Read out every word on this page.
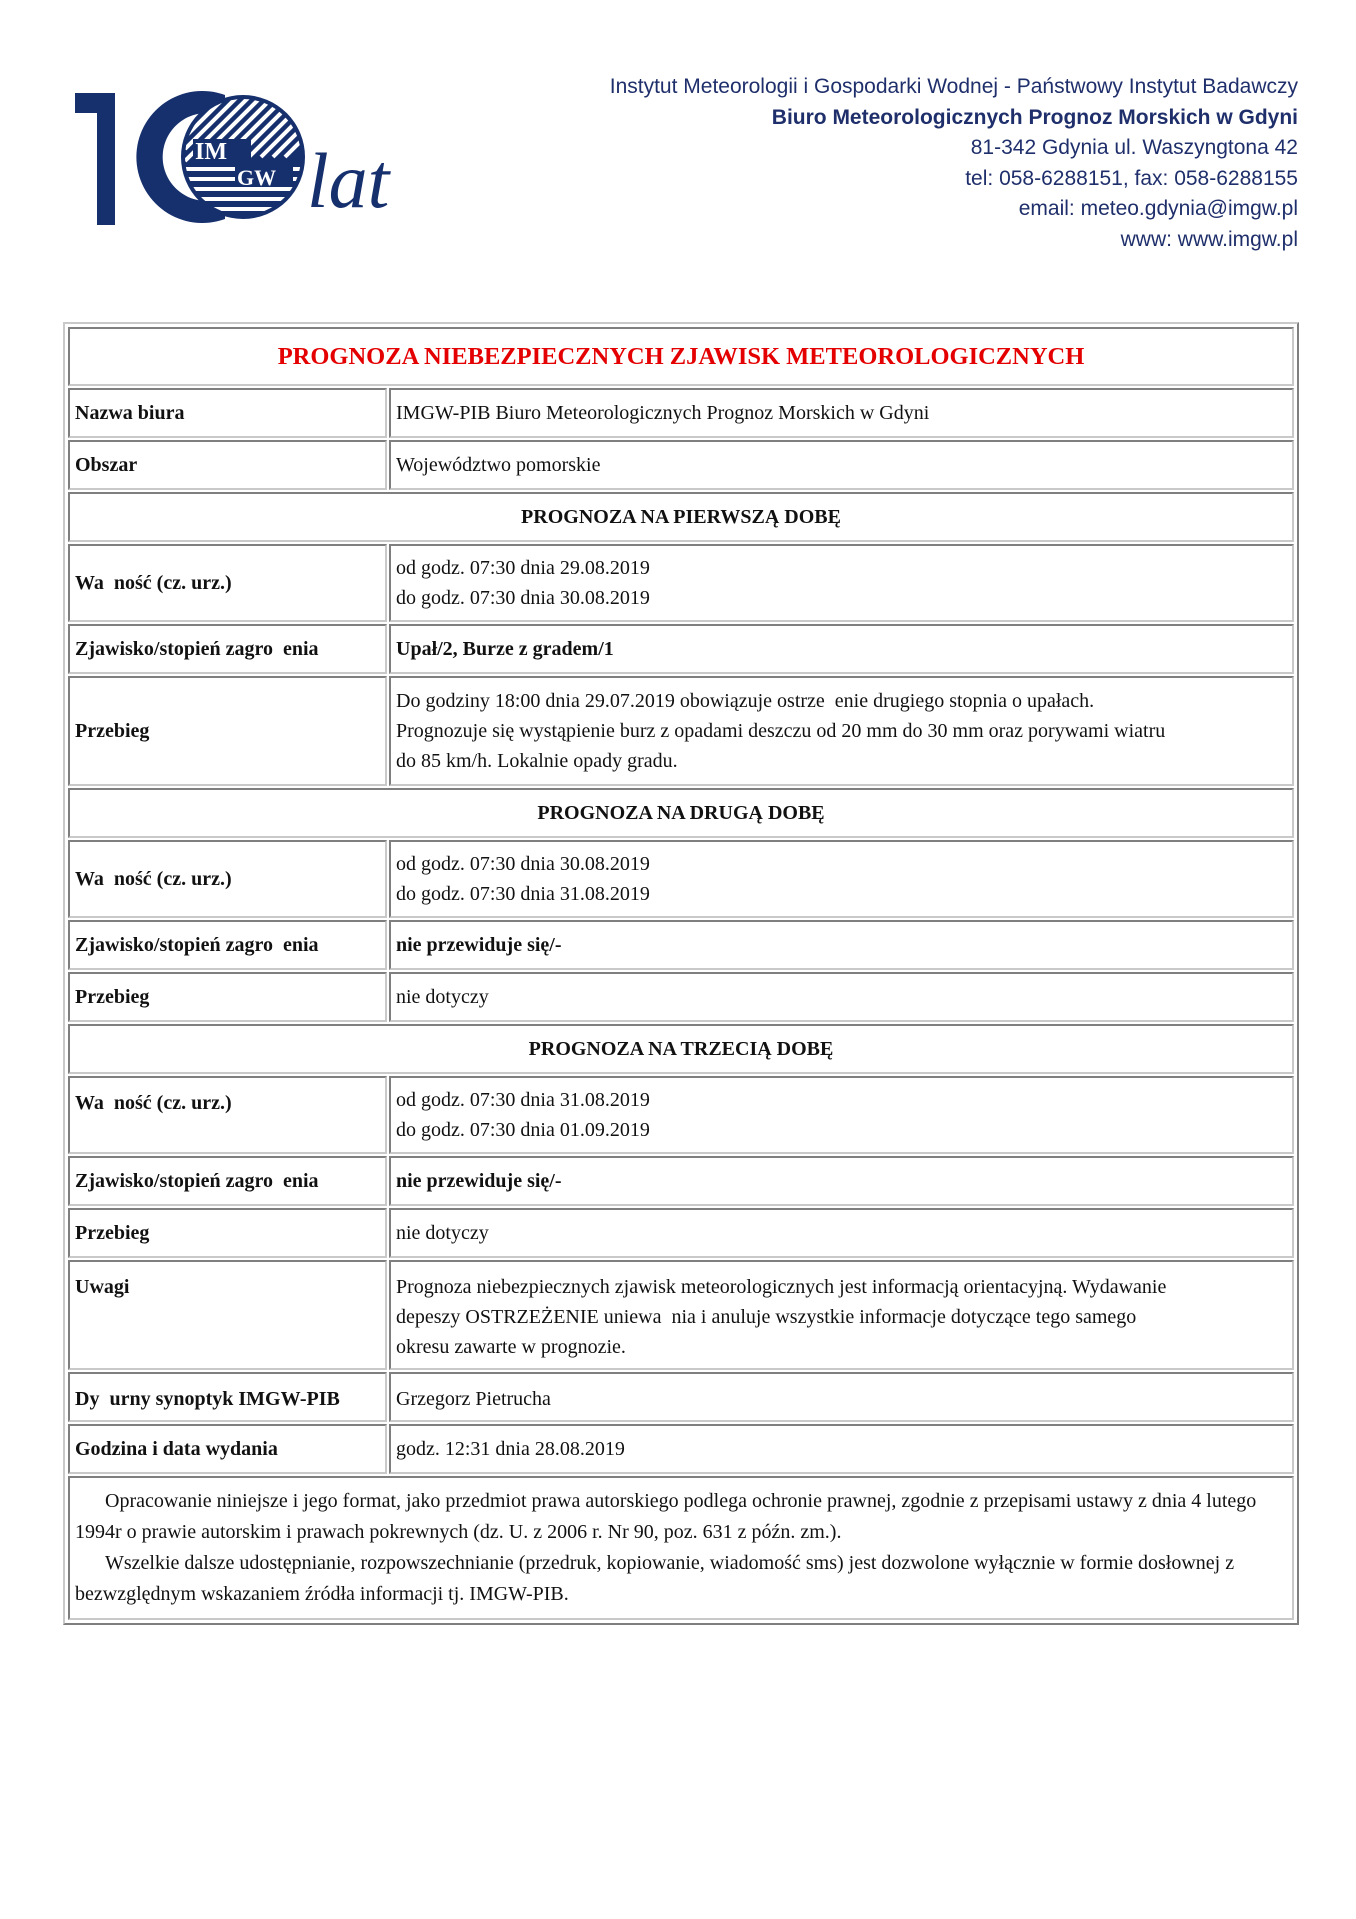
IM
GW lat
Instytut Meteorologii i Gospodarki Wodnej - Państwowy Instytut Badawczy
Biuro Meteorologicznych Prognoz Morskich w Gdyni
81-342 Gdynia ul. Waszyngtona 42
tel: 058-6288151, fax: 058-6288155
email: meteo.gdynia@imgw.pl
www: www.imgw.pl
PROGNOZA NIEBEZPIECZNYCH ZJAWISK METEOROLOGICZNYCH	
Nazwa biura	IMGW-PIB Biuro Meteorologicznych Prognoz Morskich w Gdyni
Obszar	Województwo pomorskie
PROGNOZA NA PIERWSZĄ DOBĘ	
Wa  ność (cz. urz.)	od godz. 07:30 dnia 29.08.2019
do godz. 07:30 dnia 30.08.2019

Zjawisko/stopień zagro  enia	Upał/2, Burze z gradem/1
Przebieg	Do godziny 18:00 dnia 29.07.2019 obowiązuje ostrze  enie drugiego stopnia o upałach.
Prognozuje się wystąpienie burz z opadami deszczu od 20 mm do 30 mm oraz porywami wiatru
do 85 km/h. Lokalnie opady gradu.

PROGNOZA NA DRUGĄ DOBĘ	
Wa  ność (cz. urz.)	od godz. 07:30 dnia 30.08.2019
do godz. 07:30 dnia 31.08.2019

Zjawisko/stopień zagro  enia	nie przewiduje się/-
Przebieg	nie dotyczy
PROGNOZA NA TRZECIĄ DOBĘ	
Wa  ność (cz. urz.)	od godz. 07:30 dnia 31.08.2019
do godz. 07:30 dnia 01.09.2019

Zjawisko/stopień zagro  enia	nie przewiduje się/-
Przebieg	nie dotyczy
Uwagi	Prognoza niebezpiecznych zjawisk meteorologicznych jest informacją orientacyjną. Wydawanie
depeszy OSTRZEŻENIE uniewa  nia i anuluje wszystkie informacje dotyczące tego samego
okresu zawarte w prognozie.

Dy  urny synoptyk IMGW-PIB	Grzegorz Pietrucha
Godzina i data wydania	godz. 12:31 dnia 28.08.2019

Opracowanie niniejsze i jego format, jako przedmiot prawa autorskiego podlega ochronie prawnej, zgodnie z przepisami ustawy z dnia 4 lutego 1994r o prawie autorskim i prawach pokrewnych (dz. U. z 2006 r. Nr 90, poz. 631 z późn. zm.).

Wszelkie dalsze udostępnianie, rozpowszechnianie (przedruk, kopiowanie, wiadomość sms) jest dozwolone wyłącznie w formie dosłownej z bezwzględnym wskazaniem źródła informacji tj. IMGW-PIB.	
